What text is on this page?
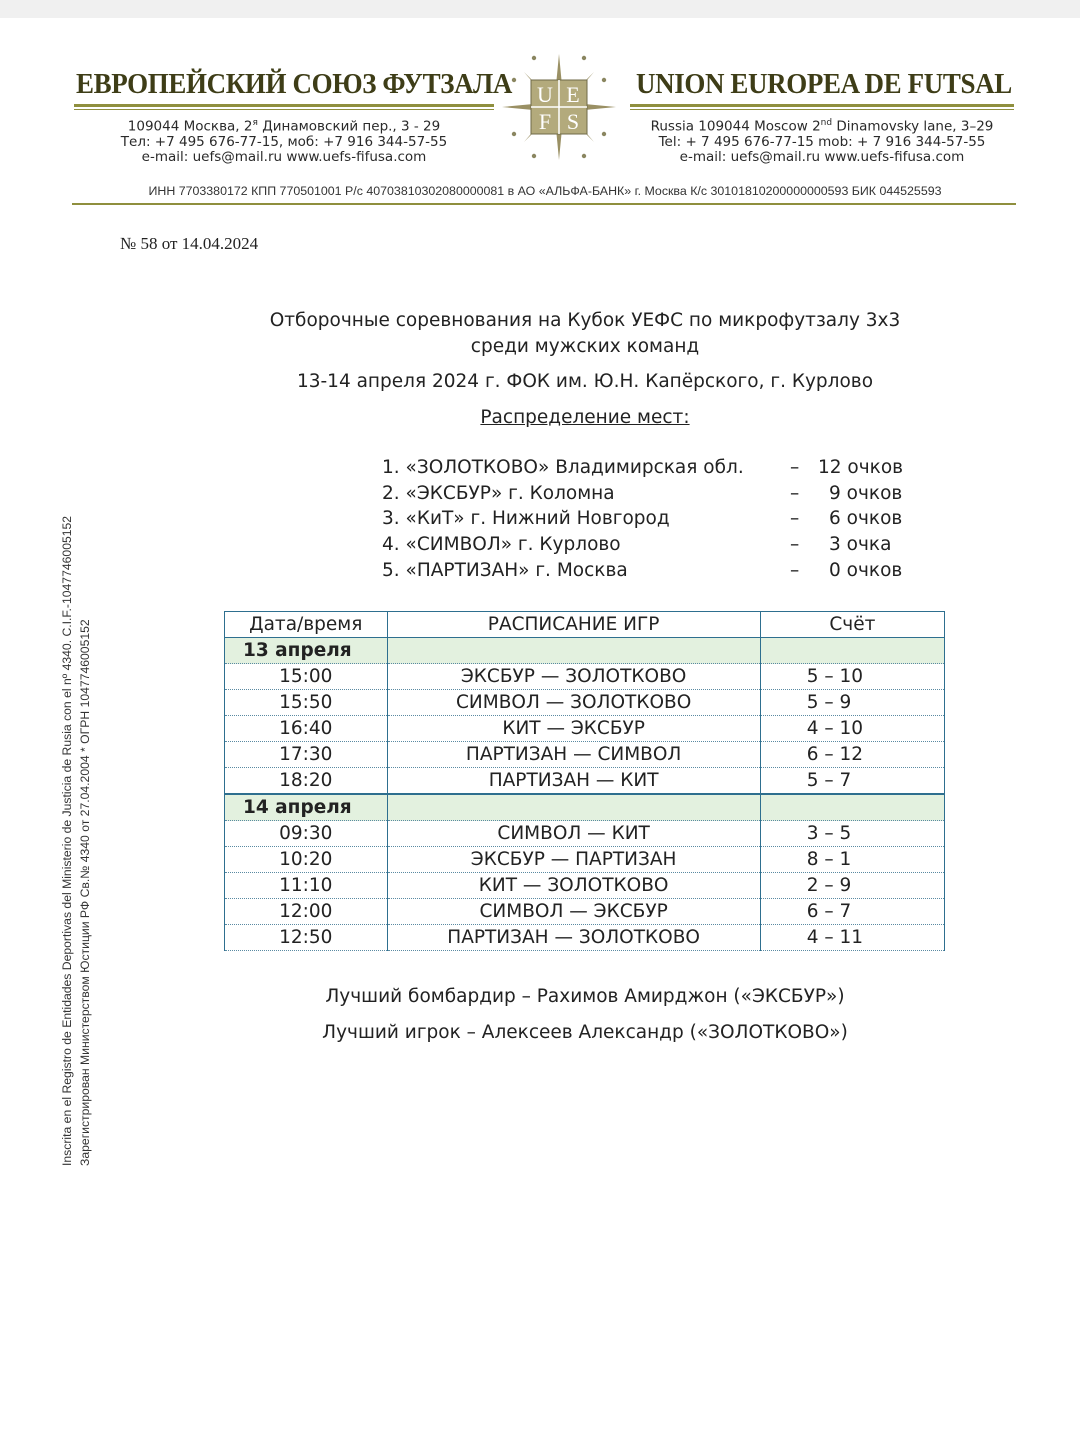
ЕВРОПЕЙСКИЙ СОЮЗ ФУТЗАЛА	UNION EUROPEA DE FUTSAL
U E
F S
109044 Москва, $2^я$ Динамовский пер., 3 - 29
Тел: +7 495 676-77-15, моб: +7 916 344-57-55
e-mail: uefs@mail.ru www.uefs-fifusa.com
Russia 109044 Moscow 2nd Dinamovsky lane, 3–29
Tel: + 7 495 676-77-15 mob: + 7 916 344-57-55
e-mail: uefs@mail.ru www.uefs-fifusa.com
ИНН 7703380172 КПП 770501001 Р/с 40703810302080000081 в АО «АЛЬФА-БАНК» г. Москва К/с 30101810200000000593 БИК 044525593
Inscrita en el Registro de Entidades Deportivas del Ministerio de Justicia de Rusia con el nº 4340. C.I.F.-1047746005152 Зарегистрирован Министерством Юстиции РФ Св.№ 4340 от 27.04.2004 * ОГРН 1047746005152
№ 58 от 14.04.2024
Отборочные соревнования на Кубок УЕФС по микрофутзалу 3х3
среди мужских команд
13-14 апреля 2024 г. ФОК им. Ю.Н. Капёрского, г. Курлово
Распределение мест:
1. «ЗОЛОТКОВО» Владимирская обл.	– 12 очков
2. «ЭКСБУР» г. Коломна	– 9 очков
3. «КиТ» г. Нижний Новгород	– 6 очков
4. «СИМВОЛ» г. Курлово	– 3 очка
5. «ПАРТИЗАН» г. Москва	– 0 очков
Дата/время	РАСПИСАНИЕ ИГР	Счёт
13 апреля		
15:00	ЭКСБУР — ЗОЛОТКОВО	5 – 10
15:50	СИМВОЛ — ЗОЛОТКОВО	5 – 9
16:40	КИТ — ЭКСБУР	4 – 10
17:30	ПАРТИЗАН — СИМВОЛ	6 – 12
18:20	ПАРТИЗАН — КИТ	5 – 7
14 апреля		
09:30	СИМВОЛ — КИТ	3 – 5
10:20	ЭКСБУР — ПАРТИЗАН	8 – 1
11:10	КИТ — ЗОЛОТКОВО	2 – 9
12:00	СИМВОЛ — ЭКСБУР	6 – 7
12:50	ПАРТИЗАН — ЗОЛОТКОВО	4 – 11
Лучший бомбардир – Рахимов Амирджон («ЭКСБУР»)
Лучший игрок – Алексеев Александр («ЗОЛОТКОВО»)
